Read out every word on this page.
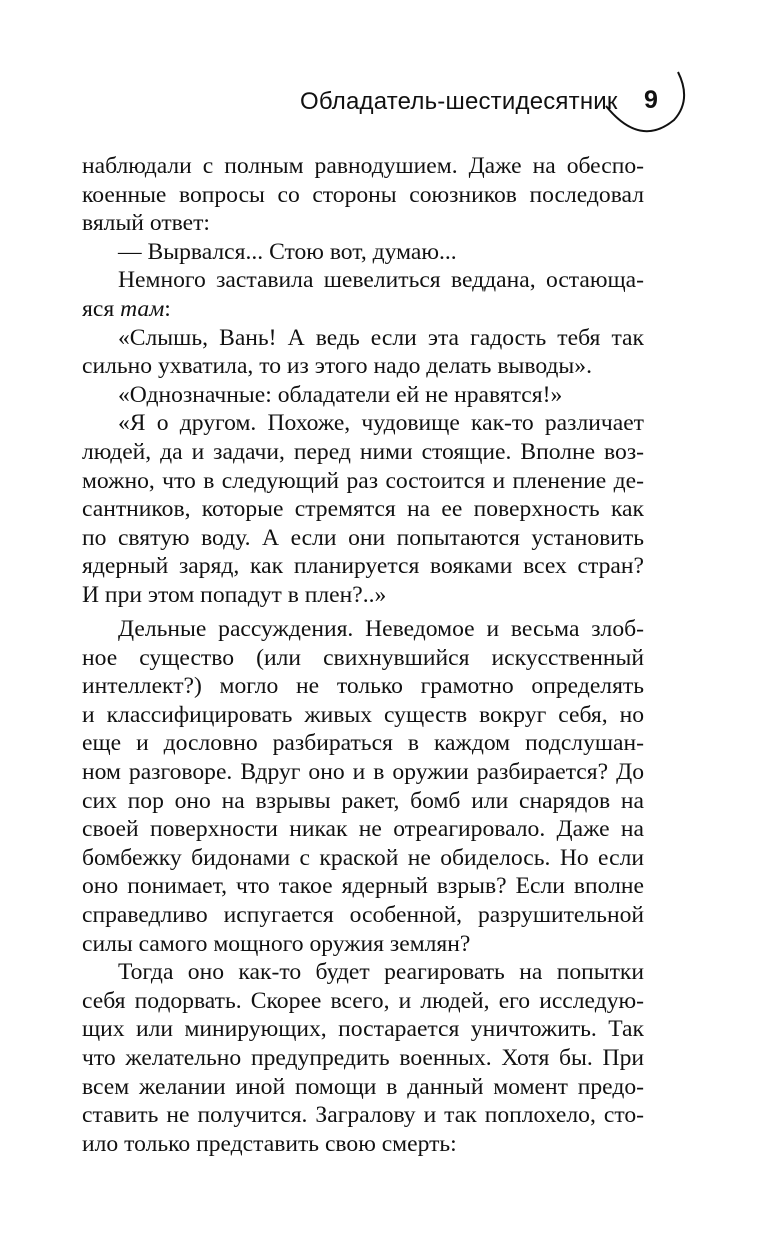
Обладатель-шестидесятник 9
наблюдали с полным равнодушием. Даже на обеспо-
коенные вопросы со стороны союзников последовал
вялый ответ:
— Вырвался... Стою вот, думаю...
Немного заставила шевелиться веддана, остающа-
яся там:
«Слышь, Вань! А ведь если эта гадость тебя так
сильно ухватила, то из этого надо делать выводы».
«Однозначные: обладатели ей не нравятся!»
«Я о другом. Похоже, чудовище как-то различает
людей, да и задачи, перед ними стоящие. Вполне воз-
можно, что в следующий раз состоится и пленение де-
сантников, которые стремятся на ее поверхность как
по святую воду. А если они попытаются установить
ядерный заряд, как планируется вояками всех стран?
И при этом попадут в плен?..»
Дельные рассуждения. Неведомое и весьма злоб-
ное существо (или свихнувшийся искусственный
интеллект?) могло не только грамотно определять
и классифицировать живых существ вокруг себя, но
еще и дословно разбираться в каждом подслушан-
ном разговоре. Вдруг оно и в оружии разбирается? До
сих пор оно на взрывы ракет, бомб или снарядов на
своей поверхности никак не отреагировало. Даже на
бомбежку бидонами с краской не обиделось. Но если
оно понимает, что такое ядерный взрыв? Если вполне
справедливо испугается особенной, разрушительной
силы самого мощного оружия землян?
Тогда оно как-то будет реагировать на попытки
себя подорвать. Скорее всего, и людей, его исследую-
щих или минирующих, постарается уничтожить. Так
что желательно предупредить военных. Хотя бы. При
всем желании иной помощи в данный момент предо-
ставить не получится. Загралову и так поплохело, сто-
ило только представить свою смерть:
